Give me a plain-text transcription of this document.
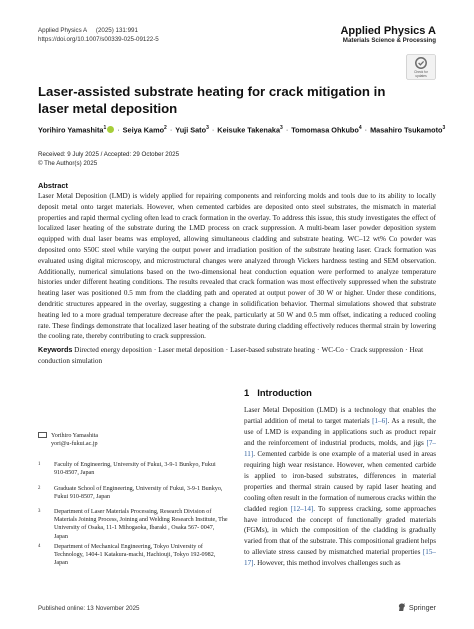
Applied Physics A (2025) 131:991
https://doi.org/10.1007/s00339-025-09122-5
Applied Physics A
Materials Science & Processing
Check for
updates
Laser-assisted substrate heating for crack mitigation in laser metal deposition
Yorihiro Yamashita$^1$ · Seiya Kamo$^2$ · Yuji Sato$^3$ · Keisuke Takenaka$^3$ · Tomomasa Ohkubo$^4$ · Masahiro Tsukamoto$^3$
Received: 9 July 2025 / Accepted: 29 October 2025
© The Author(s) 2025
Abstract
Laser Metal Deposition (LMD) is widely applied for repairing components and reinforcing molds and tools due to its ability to locally deposit metal onto target materials. However, when cemented carbides are deposited onto steel substrates, the mismatch in material properties and rapid thermal cycling often lead to crack formation in the overlay. To address this issue, this study investigates the effect of localized laser heating of the substrate during the LMD process on crack suppression. A multi-beam laser powder deposition system equipped with dual laser beams was employed, allowing simultaneous cladding and substrate heating. WC–12 wt% Co powder was deposited onto S50C steel while varying the output power and irradiation position of the substrate heating laser. Crack formation was evaluated using digital microscopy, and microstructural changes were analyzed through Vickers hardness testing and SEM observation. Additionally, numerical simulations based on the two-dimensional heat conduction equation were performed to analyze temperature histories under different heating conditions. The results revealed that crack formation was most effectively suppressed when the substrate heating laser was positioned 0.5 mm from the cladding path and operated at output power of 30 W or higher. Under these conditions, dendritic structures appeared in the overlay, suggesting a change in solidification behavior. Thermal simulations showed that substrate heating led to a more gradual temperature decrease after the peak, particularly at 50 W and 0.5 mm offset, indicating a reduced cooling rate. These findings demonstrate that localized laser heating of the substrate during cladding effectively reduces thermal strain by lowering the cooling rate, thereby contributing to crack suppression.
Keywords Directed energy deposition · Laser metal deposition · Laser-based substrate heating · WC-Co · Crack suppression · Heat conduction simulation
1 Introduction
Laser Metal Deposition (LMD) is a technology that enables the partial addition of metal to target materials [1–6]. As a result, the use of LMD is expanding in applications such as product repair and the reinforcement of industrial products, molds, and jigs [7–11]. Cemented carbide is one example of a material used in areas requiring high wear resistance. However, when cemented carbide is applied to iron-based substrates, differences in material properties and thermal strain caused by rapid laser heating and cooling often result in the formation of numerous cracks within the cladded region [12–14]. To suppress cracking, some approaches have introduced the concept of functionally graded materials (FGMs), in which the composition of the cladding is gradually varied from that of the substrate. This compositional gradient helps to alleviate stress caused by mismatched material properties [15–17]. However, this method involves challenges such as
Yorihiro Yamashita
yori@u-fukui.ac.jp
1 Faculty of Engineering, University of Fukui, 3-9-1 Bunkyo, Fukui 910-8507, Japan
2 Graduate School of Engineering, University of Fukui, 3-9-1 Bunkyo, Fukui 910-8507, Japan
3 Department of Laser Materials Processing, Research Division of Materials Joining Process, Joining and Welding Research Institute, The University of Osaka, 11-1 Mihogaoka, Ibaraki , Osaka 567- 0047, Japan
4 Department of Mechanical Engineering, Tokyo University of Technology, 1404-1 Katakura-machi, Hachiouji, Tokyo 192-0982, Japan
Published online: 13 November 2025	Springer
